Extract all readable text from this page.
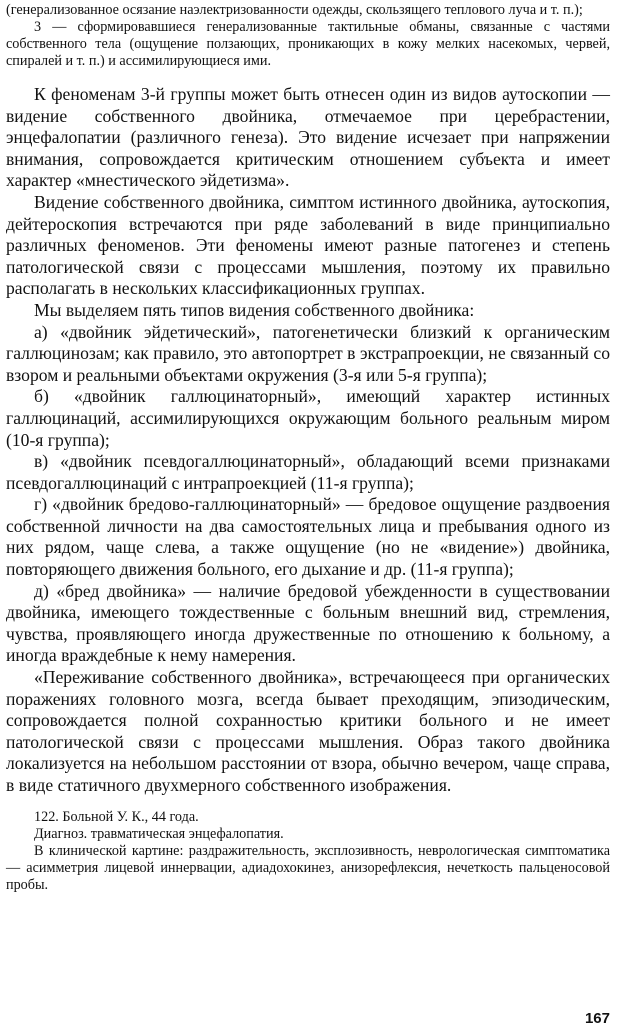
(генерализованное осязание наэлектризованности одежды, скользящего теплового луча и т. п.);

3 — сформировавшиеся генерализованные тактильные обманы, связанные с частями собственного тела (ощущение ползающих, проникающих в кожу мелких насекомых, червей, спиралей и т. п.) и ассимилирующиеся ими.

К феноменам 3-й группы может быть отнесен один из видов аутоскопии — видение собственного двойника, отмечаемое при церебрастении, энцефалопатии (различного генеза). Это видение исчезает при напряжении внимания, сопровождается критическим отношением субъекта и имеет характер «мнестического эйдетизма».

Видение собственного двойника, симптом истинного двойника, аутоскопия, дейтероскопия встречаются при ряде заболеваний в виде принципиально различных феноменов. Эти феномены имеют разные патогенез и степень патологической связи с процессами мышления, поэтому их правильно располагать в нескольких классификационных группах.

Мы выделяем пять типов видения собственного двойника:

а) «двойник эйдетический», патогенетически близкий к органическим галлюцинозам; как правило, это автопортрет в экстрапроекции, не связанный со взором и реальными объектами окружения (3-я или 5-я группа);

б) «двойник галлюцинаторный», имеющий характер истинных галлюцинаций, ассимилирующихся окружающим больного реальным миром (10-я группа);

в) «двойник псевдогаллюцинаторный», обладающий всеми признаками псевдогаллюцинаций с интрапроекцией (11-я группа);

г) «двойник бредово-галлюцинаторный» — бредовое ощущение раздвоения собственной личности на два самостоятельных лица и пребывания одного из них рядом, чаще слева, а также ощущение (но не «видение») двойника, повторяющего движения больного, его дыхание и др. (11-я группа);

д) «бред двойника» — наличие бредовой убежденности в существовании двойника, имеющего тождественные с больным внешний вид, стремления, чувства, проявляющего иногда дружественные по отношению к больному, а иногда враждебные к нему намерения.

«Переживание собственного двойника», встречающееся при органических поражениях головного мозга, всегда бывает преходящим, эпизодическим, сопровождается полной сохранностью критики больного и не имеет патологической связи с процессами мышления. Образ такого двойника локализуется на небольшом расстоянии от взора, обычно вечером, чаще справа, в виде статичного двухмерного собственного изображения.

122. Больной У. К., 44 года.

Диагноз. травматическая энцефалопатия.

В клинической картине: раздражительность, эксплозивность, неврологическая симптоматика — асимметрия лицевой иннервации, адиадохокинез, анизорефлексия, нечеткость пальценосовой пробы.

167
